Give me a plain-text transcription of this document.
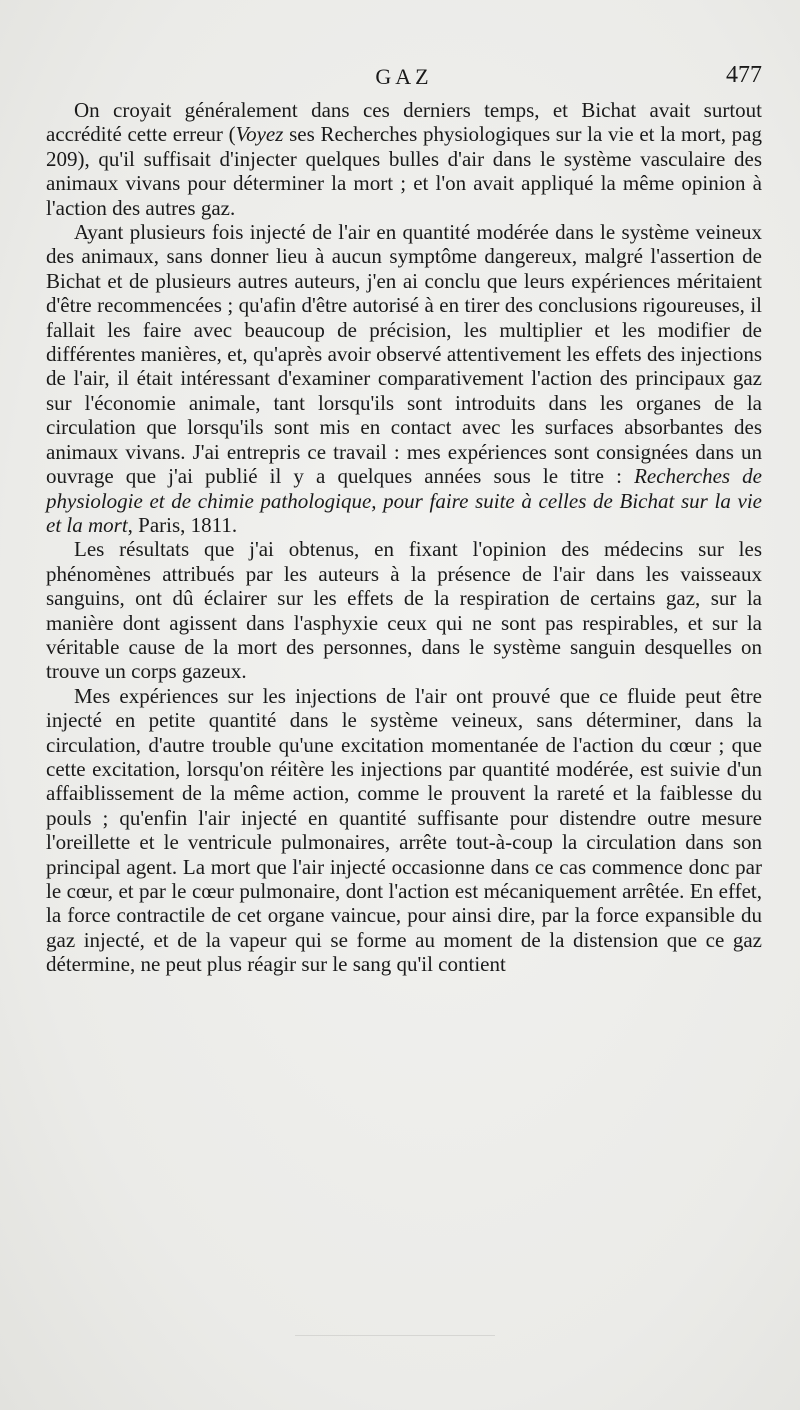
GAZ	477

On croyait généralement dans ces derniers temps, et Bichat avait surtout accrédité cette erreur (Voyez ses Recherches physiologiques sur la vie et la mort, pag 209), qu'il suffisait d'injecter quelques bulles d'air dans le système vasculaire des animaux vivans pour déterminer la mort ; et l'on avait appliqué la même opinion à l'action des autres gaz.

Ayant plusieurs fois injecté de l'air en quantité modérée dans le système veineux des animaux, sans donner lieu à aucun symptôme dangereux, malgré l'assertion de Bichat et de plusieurs autres auteurs, j'en ai conclu que leurs expériences méritaient d'être recommencées ; qu'afin d'être autorisé à en tirer des conclusions rigoureuses, il fallait les faire avec beaucoup de précision, les multiplier et les modifier de différentes manières, et, qu'après avoir observé attentivement les effets des injections de l'air, il était intéressant d'examiner comparativement l'action des principaux gaz sur l'économie animale, tant lorsqu'ils sont introduits dans les organes de la circulation que lorsqu'ils sont mis en contact avec les surfaces absorbantes des animaux vivans. J'ai entrepris ce travail : mes expériences sont consignées dans un ouvrage que j'ai publié il y a quelques années sous le titre : Recherches de physiologie et de chimie pathologique, pour faire suite à celles de Bichat sur la vie et la mort, Paris, 1811.

Les résultats que j'ai obtenus, en fixant l'opinion des médecins sur les phénomènes attribués par les auteurs à la présence de l'air dans les vaisseaux sanguins, ont dû éclairer sur les effets de la respiration de certains gaz, sur la manière dont agissent dans l'asphyxie ceux qui ne sont pas respirables, et sur la véritable cause de la mort des personnes, dans le système sanguin desquelles on trouve un corps gazeux.

Mes expériences sur les injections de l'air ont prouvé que ce fluide peut être injecté en petite quantité dans le système veineux, sans déterminer, dans la circulation, d'autre trouble qu'une excitation momentanée de l'action du cœur ; que cette excitation, lorsqu'on réitère les injections par quantité modérée, est suivie d'un affaiblissement de la même action, comme le prouvent la rareté et la faiblesse du pouls ; qu'enfin l'air injecté en quantité suffisante pour distendre outre mesure l'oreillette et le ventricule pulmonaires, arrête tout-à-coup la circulation dans son principal agent. La mort que l'air injecté occasionne dans ce cas commence donc par le cœur, et par le cœur pulmonaire, dont l'action est mécaniquement arrêtée. En effet, la force contractile de cet organe vaincue, pour ainsi dire, par la force expansible du gaz injecté, et de la vapeur qui se forme au moment de la distension que ce gaz détermine, ne peut plus réagir sur le sang qu'il contient
